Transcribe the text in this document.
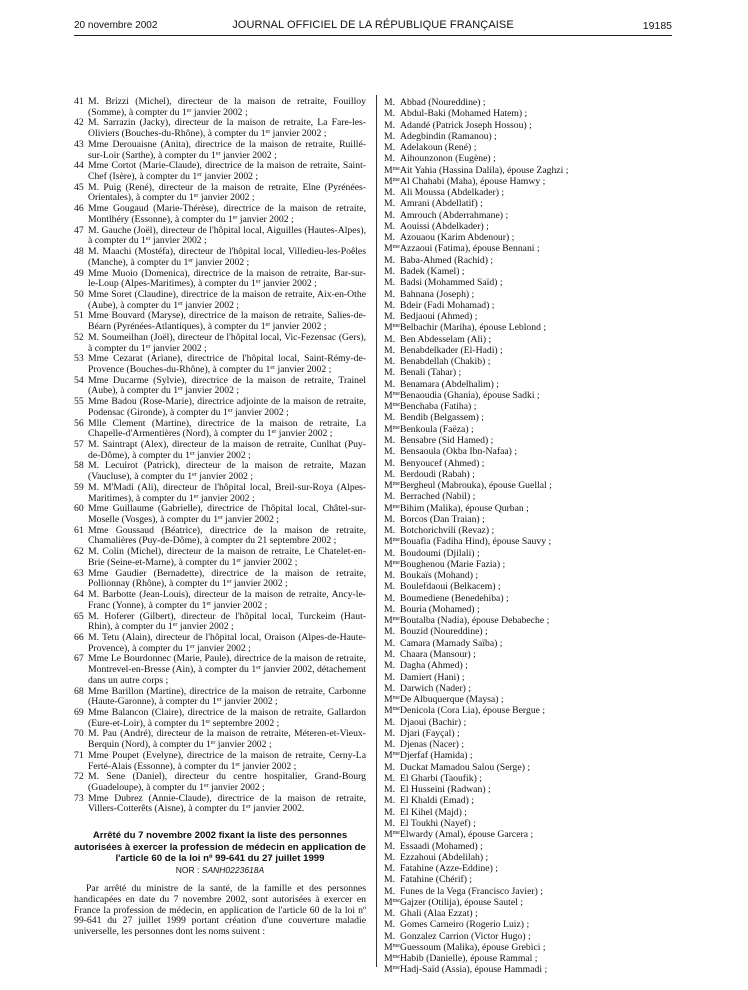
20 novembre 2002	JOURNAL OFFICIEL DE LA RÉPUBLIQUE FRANÇAISE	19185
41 M. Brizzi (Michel), directeur de la maison de retraite, Fouilloy (Somme), à compter du 1er janvier 2002 ;
42 M. Sarrazin (Jacky), directeur de la maison de retraite, La Fare-les-Oliviers (Bouches-du-Rhône), à compter du 1er janvier 2002 ;
43 Mme Derouaisne (Anita), directrice de la maison de retraite, Ruillé-sur-Loir (Sarthe), à compter du 1er janvier 2002 ;
44 Mme Cortot (Marie-Claude), directrice de la maison de retraite, Saint-Chef (Isère), à compter du 1er janvier 2002 ;
45 M. Puig (René), directeur de la maison de retraite, Elne (Pyrénées-Orientales), à compter du 1er janvier 2002 ;
46 Mme Gougaud (Marie-Thérèse), directrice de la maison de retraite, Montlhéry (Essonne), à compter du 1er janvier 2002 ;
47 M. Gauche (Joël), directeur de l'hôpital local, Aiguilles (Hautes-Alpes), à compter du 1er janvier 2002 ;
48 M. Maachi (Mostéfa), directeur de l'hôpital local, Villedieu-les-Poêles (Manche), à compter du 1er janvier 2002 ;
49 Mme Muoio (Domenica), directrice de la maison de retraite, Bar-sur-le-Loup (Alpes-Maritimes), à compter du 1er janvier 2002 ;
50 Mme Soret (Claudine), directrice de la maison de retraite, Aix-en-Othe (Aube), à compter du 1er janvier 2002 ;
51 Mme Bouvard (Maryse), directrice de la maison de retraite, Salies-de-Béarn (Pyrénées-Atlantiques), à compter du 1er janvier 2002 ;
52 M. Soumeilhan (Joël), directeur de l'hôpital local, Vic-Fezensac (Gers), à compter du 1er janvier 2002 ;
53 Mme Cezarat (Ariane), directrice de l'hôpital local, Saint-Rémy-de-Provence (Bouches-du-Rhône), à compter du 1er janvier 2002 ;
54 Mme Ducarme (Sylvie), directrice de la maison de retraite, Trainel (Aube), à compter du 1er janvier 2002 ;
55 Mme Badou (Rose-Marie), directrice adjointe de la maison de retraite, Podensac (Gironde), à compter du 1er janvier 2002 ;
56 Mlle Clement (Martine), directrice de la maison de retraite, La Chapelle-d'Armentières (Nord), à compter du 1er janvier 2002 ;
57 M. Saintrapt (Alex), directeur de la maison de retraite, Cunlhat (Puy-de-Dôme), à compter du 1er janvier 2002 ;
58 M. Lecuirot (Patrick), directeur de la maison de retraite, Mazan (Vaucluse), à compter du 1er janvier 2002 ;
59 M. M'Madi (Ali), directeur de l'hôpital local, Breil-sur-Roya (Alpes-Maritimes), à compter du 1er janvier 2002 ;
60 Mme Guillaume (Gabrielle), directrice de l'hôpital local, Châtel-sur-Moselle (Vosges), à compter du 1er janvier 2002 ;
61 Mme Goussaud (Béatrice), directrice de la maison de retraite, Chamalières (Puy-de-Dôme), à compter du 21 septembre 2002 ;
62 M. Colin (Michel), directeur de la maison de retraite, Le Chatelet-en-Brie (Seine-et-Marne), à compter du 1er janvier 2002 ;
63 Mme Gaudier (Bernadette), directrice de la maison de retraite, Pollionnay (Rhône), à compter du 1er janvier 2002 ;
64 M. Barbotte (Jean-Louis), directeur de la maison de retraite, Ancy-le-Franc (Yonne), à compter du 1er janvier 2002 ;
65 M. Hoferer (Gilbert), directeur de l'hôpital local, Turckeim (Haut-Rhin), à compter du 1er janvier 2002 ;
66 M. Tetu (Alain), directeur de l'hôpital local, Oraison (Alpes-de-Haute-Provence), à compter du 1er janvier 2002 ;
67 Mme Le Bourdonnec (Marie, Paule), directrice de la maison de retraite, Montrevel-en-Bresse (Ain), à compter du 1er janvier 2002, détachement dans un autre corps ;
68 Mme Barillon (Martine), directrice de la maison de retraite, Carbonne (Haute-Garonne), à compter du 1er janvier 2002 ;
69 Mme Balancon (Claire), directrice de la maison de retraite, Gallardon (Eure-et-Loir), à compter du 1er septembre 2002 ;
70 M. Pau (André), directeur de la maison de retraite, Méteren-et-Vieux-Berquin (Nord), à compter du 1er janvier 2002 ;
71 Mme Poupet (Evelyne), directrice de la maison de retraite, Cerny-La Ferté-Alais (Essonne), à compter du 1er janvier 2002 ;
72 M. Sene (Daniel), directeur du centre hospitalier, Grand-Bourg (Guadeloupe), à compter du 1er janvier 2002 ;
73 Mme Dubrez (Annie-Claude), directrice de la maison de retraite, Villers-Cotterêts (Aisne), à compter du 1er janvier 2002.
Arrêté du 7 novembre 2002 fixant la liste des personnes autorisées à exercer la profession de médecin en application de l'article 60 de la loi nº 99-641 du 27 juillet 1999
NOR : SANH0223618A
Par arrêté du ministre de la santé, de la famille et des personnes handicapées en date du 7 novembre 2002, sont autorisées à exercer en France la profession de médecin, en application de l'article 60 de la loi nº 99-641 du 27 juillet 1999 portant création d'une couverture maladie universelle, les personnes dont les noms suivent :
M. Abbad (Noureddine) ;
M. Abdul-Baki (Mohamed Hatem) ;
M. Adandé (Patrick Joseph Hossou) ;
M. Adegbindin (Ramanou) ;
M. Adelakoun (René) ;
M. Aihounzonon (Eugène) ;
$M^{me}$ Ait Yahia (Hassina Dalila), épouse Zaghzi ;
$M^{me}$ Al Chahabi (Maha), épouse Hamwy ;
M. Ali Moussa (Abdelkader) ;
M. Amrani (Abdellatif) ;
M. Amrouch (Abderrahmane) ;
M. Aouissi (Abdelkader) ;
M. Azouaou (Karim Abdenour) ;
$M^{me}$ Azzaoui (Fatima), épouse Bennani ;
M. Baba-Ahmed (Rachid) ;
M. Badek (Kamel) ;
M. Badsi (Mohammed Saïd) ;
M. Bahnana (Joseph) ;
M. Bdeir (Fadi Mohamad) ;
M. Bedjaoui (Ahmed) ;
$M^{me}$ Belbachir (Mariha), épouse Leblond ;
M. Ben Abdesselam (Ali) ;
M. Benabdelkader (El-Hadi) ;
M. Benabdellah (Chakib) ;
M. Benali (Tahar) ;
M. Benamara (Abdelhalim) ;
$M^{me}$ Benaoudia (Ghania), épouse Sadki ;
$M^{me}$ Benchaba (Fatiha) ;
M. Bendib (Belgassem) ;
$M^{me}$ Benkoula (Faëza) ;
M. Bensabre (Sid Hamed) ;
M. Bensaoula (Okba Ibn-Nafaa) ;
M. Benyoucef (Ahmed) ;
M. Berdoudi (Rabah) ;
$M^{me}$ Bergheul (Mabrouka), épouse Guellal ;
M. Berrached (Nabil) ;
$M^{me}$ Bihim (Malika), épouse Qurban ;
M. Borcos (Dan Traian) ;
M. Botchorichvili (Revaz) ;
$M^{me}$ Bouafia (Fadiha Hind), épouse Sauvy ;
M. Boudoumi (Djilali) ;
$M^{me}$ Boughenou (Marie Fazia) ;
M. Boukaïs (Mohand) ;
M. Boulefdaoui (Belkacem) ;
M. Boumediene (Benedehiba) ;
M. Bouria (Mohamed) ;
$M^{me}$ Boutalba (Nadia), épouse Debabeche ;
M. Bouzid (Noureddine) ;
M. Camara (Mamady Saïba) ;
M. Chaara (Mansour) ;
M. Dagha (Ahmed) ;
M. Damiert (Hani) ;
M. Darwich (Nader) ;
$M^{me}$ De Albuquerque (Maysa) ;
$M^{me}$ Denicola (Cora Lia), épouse Bergue ;
M. Djaoui (Bachir) ;
M. Djari (Fayçal) ;
M. Djenas (Nacer) ;
$M^{me}$ Djerfaf (Hamida) ;
M. Duckat Mamadou Salou (Serge) ;
M. El Gharbi (Taoufik) ;
M. El Husseini (Radwan) ;
M. El Khaldi (Emad) ;
M. El Kihel (Majd) ;
M. El Toukhi (Nayef) ;
$M^{me}$ Elwardy (Amal), épouse Garcera ;
M. Essaadi (Mohamed) ;
M. Ezzahoui (Abdelilah) ;
M. Fatahine (Azze-Eddine) ;
M. Fatahine (Chérif) ;
M. Funes de la Vega (Francisco Javier) ;
$M^{me}$ Gajzer (Otilija), épouse Sautel ;
M. Ghali (Alaa Ezzat) ;
M. Gomes Carneiro (Rogerio Luiz) ;
M. Gonzalez Carrion (Victor Hugo) ;
$M^{me}$ Guessoum (Malika), épouse Grebici ;
$M^{me}$ Habib (Danielle), épouse Rammal ;
$M^{me}$ Hadj-Saïd (Assia), épouse Hammadi ;
